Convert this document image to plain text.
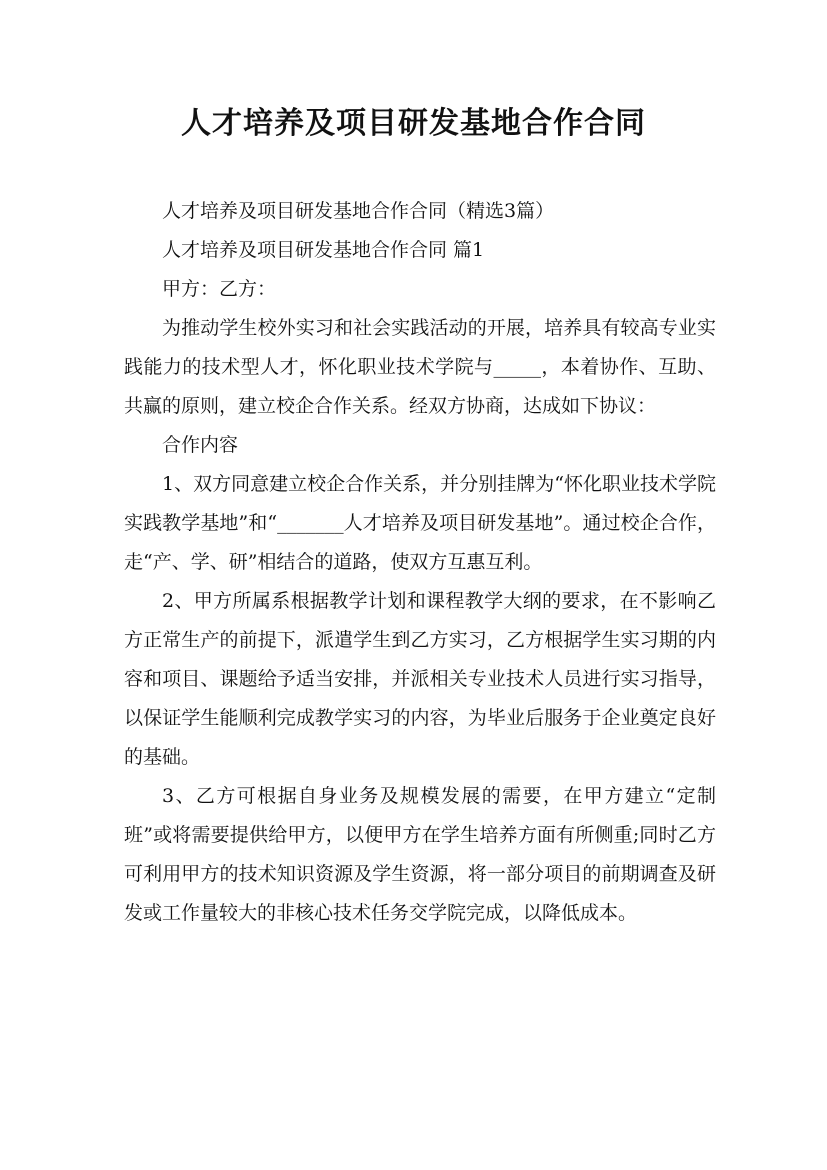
人才培养及项目研发基地合作合同

人才培养及项目研发基地合作合同（精选3篇）

人才培养及项目研发基地合作合同 篇1

甲方：乙方：

为推动学生校外实习和社会实践活动的开展，培养具有较高专业实践能力的技术型人才，怀化职业技术学院与_____，本着协作、互助、共赢的原则，建立校企合作关系。经双方协商，达成如下协议：

合作内容

1、双方同意建立校企合作关系，并分别挂牌为“怀化职业技术学院实践教学基地”和“_______人才培养及项目研发基地”。通过校企合作，走“产、学、研”相结合的道路，使双方互惠互利。

2、甲方所属系根据教学计划和课程教学大纲的要求，在不影响乙方正常生产的前提下，派遣学生到乙方实习，乙方根据学生实习期的内容和项目、课题给予适当安排，并派相关专业技术人员进行实习指导，以保证学生能顺利完成教学实习的内容，为毕业后服务于企业奠定良好的基础。

3、乙方可根据自身业务及规模发展的需要，在甲方建立“定制班”或将需要提供给甲方，以便甲方在学生培养方面有所侧重;同时乙方可利用甲方的技术知识资源及学生资源，将一部分项目的前期调查及研发或工作量较大的非核心技术任务交学院完成，以降低成本。
